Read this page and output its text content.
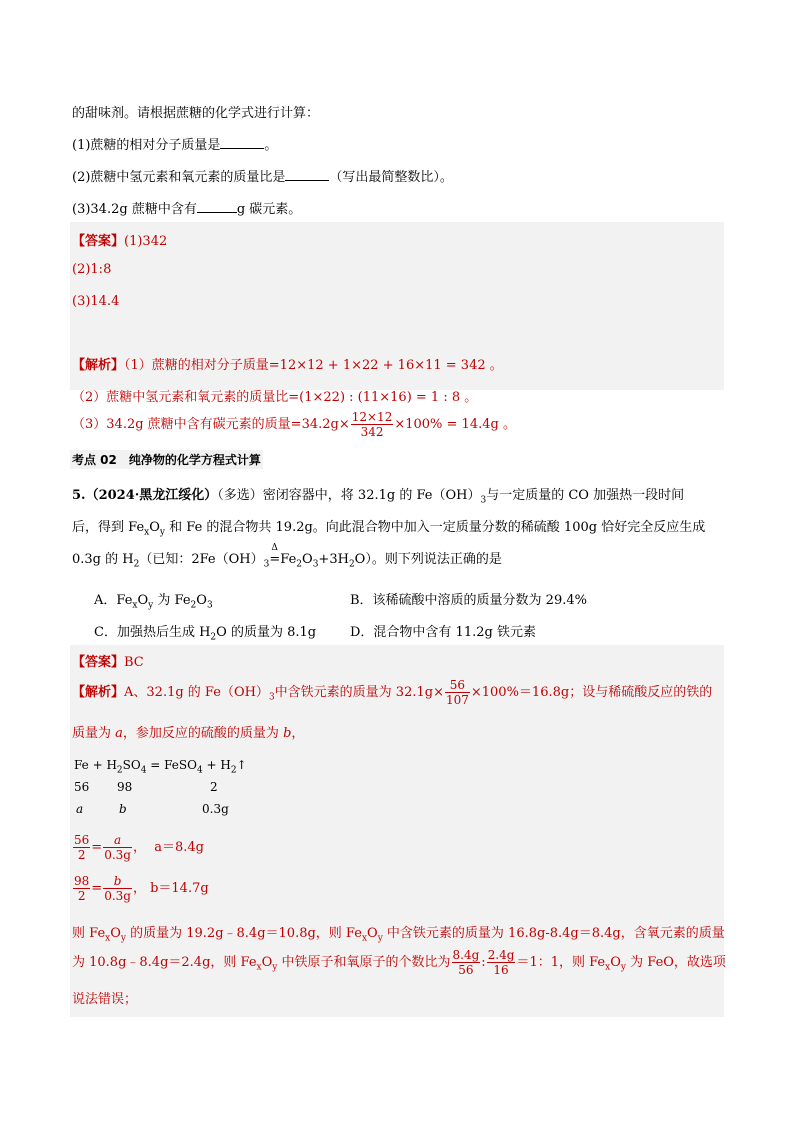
的甜味剂。请根据蔗糖的化学式进行计算：
(1)蔗糖的相对分子质量是	。
(2)蔗糖中氢元素和氧元素的质量比是	（写出最简整数比）。
(3)34.2g 蔗糖中含有	g 碳元素。
【答案】(1)342
(2)1:8
(3)14.4
【解析】（1）蔗糖的相对分子质量=12×12 + 1×22 + 16×11 = 342 。
（2）蔗糖中氢元素和氧元素的质量比=(1×22) : (11×16) = 1 : 8 。
（3）34.2g 蔗糖中含有碳元素的质量$=34.2g\times \frac{12\times 12}{342} \times 100\% = 14.4g$ 。
考点 02　纯净物的化学方程式计算
5.（2024·黑龙江绥化）（多选）密闭容器中，将 32.1g 的 $Fe(OH)_3$与一定质量的 CO 加强热一段时间
后，得到 $Fe_xO_y$ 和 Fe 的混合物共 19.2g。向此混合物中加入一定质量分数的稀硫酸 100g 恰好完全反应生成
0.3g 的 $H_2$（已知：$2Fe(OH)_3$
Δ
$=Fe_2O_3+3H_2O$）。则下列说法正确的是
A．$Fe_xO_y$ 为 $Fe_2O_3$	B．该稀硫酸中溶质的质量分数为 29.4%
C．加强热后生成 $H_2O$ 的质量为 8.1g	D．混合物中含有 11.2g 铁元素
【答案】BC
【解析】A、32.1g 的 $Fe(OH)_3$中含铁元素的质量为 $32.1g\times \frac{56}{107} \times 100\%=16.8g$；设与稀硫酸反应的铁的
质量为 a，参加反应的硫酸的质量为 b，
$Fe + H_2SO_4$ = FeSO$_4$ + $H_2↑$
56 98	2
a	b	0.3g
$\frac{56}{2} = \frac{a}{0.3g}$ ，  a＝8.4g
$\frac{98}{2} = \frac{b}{0.3g}$ ， b＝14.7g
则 $Fe_xO_y$ 的质量为 19.2g﹣8.4g＝10.8g，则 $Fe_xO_y$ 中含铁元素的质量为 16.8g-8.4g＝8.4g，含氧元素的质量
为 10.8g﹣8.4g＝2.4g，则 $Fe_xO_y$ 中铁原子和氧原子的个数比为 $\frac{8.4g}{56}$ : $\frac{2.4g}{16} =1$：1，则 $Fe_xO_y$ 为 FeO，故选项
说法错误；
